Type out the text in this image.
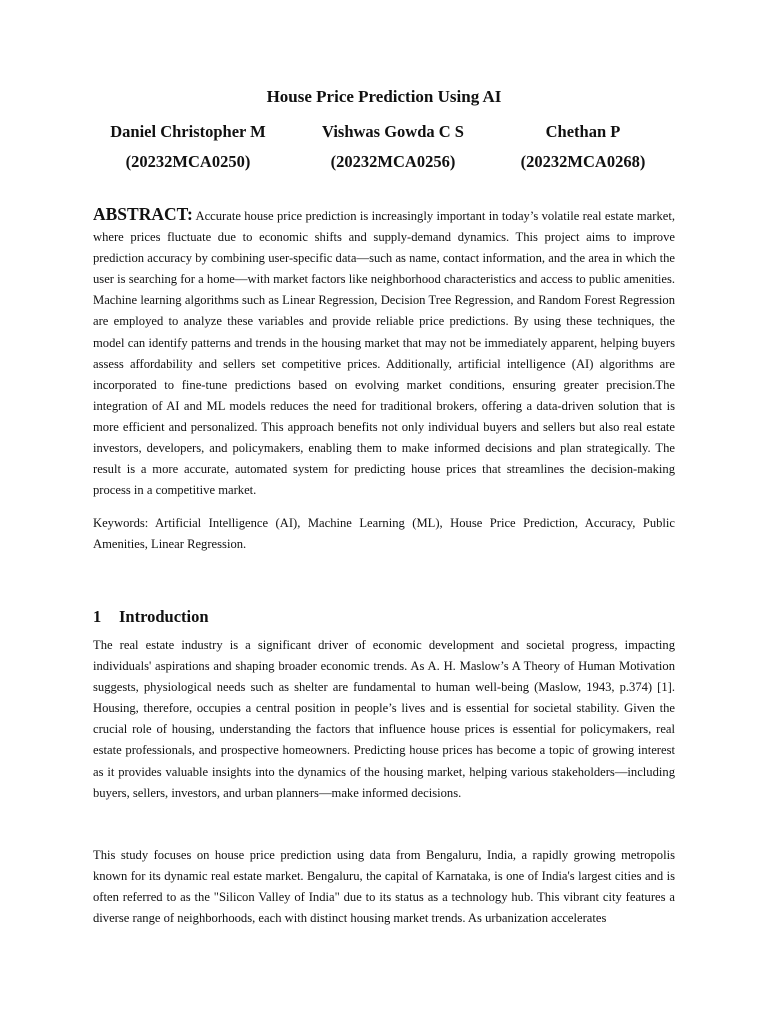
House Price Prediction Using AI
Daniel Christopher M
(20232MCA0250)
Vishwas Gowda C S
(20232MCA0256)
Chethan P
(20232MCA0268)

ABSTRACT: Accurate house price prediction is increasingly important in today’s volatile real estate market, where prices fluctuate due to economic shifts and supply-demand dynamics. This project aims to improve prediction accuracy by combining user-specific data—such as name, contact information, and the area in which the user is searching for a home—with market factors like neighborhood characteristics and access to public amenities. Machine learning algorithms such as Linear Regression, Decision Tree Regression, and Random Forest Regression are employed to analyze these variables and provide reliable price predictions. By using these techniques, the model can identify patterns and trends in the housing market that may not be immediately apparent, helping buyers assess affordability and sellers set competitive prices. Additionally, artificial intelligence (AI) algorithms are incorporated to fine-tune predictions based on evolving market conditions, ensuring greater precision.The integration of AI and ML models reduces the need for traditional brokers, offering a data-driven solution that is more efficient and personalized. This approach benefits not only individual buyers and sellers but also real estate investors, developers, and policymakers, enabling them to make informed decisions and plan strategically. The result is a more accurate, automated system for predicting house prices that streamlines the decision-making process in a competitive market.

Keywords: Artificial Intelligence (AI), Machine Learning (ML), House Price Prediction, Accuracy, Public Amenities, Linear Regression.

1 Introduction

The real estate industry is a significant driver of economic development and societal progress, impacting individuals' aspirations and shaping broader economic trends. As A. H. Maslow’s A Theory of Human Motivation suggests, physiological needs such as shelter are fundamental to human well-being (Maslow, 1943, p.374) [1]. Housing, therefore, occupies a central position in people’s lives and is essential for societal stability. Given the crucial role of housing, understanding the factors that influence house prices is essential for policymakers, real estate professionals, and prospective homeowners. Predicting house prices has become a topic of growing interest as it provides valuable insights into the dynamics of the housing market, helping various stakeholders—including buyers, sellers, investors, and urban planners—make informed decisions.

This study focuses on house price prediction using data from Bengaluru, India, a rapidly growing metropolis known for its dynamic real estate market. Bengaluru, the capital of Karnataka, is one of India's largest cities and is often referred to as the "Silicon Valley of India" due to its status as a technology hub. This vibrant city features a diverse range of neighborhoods, each with distinct housing market trends. As urbanization accelerates
